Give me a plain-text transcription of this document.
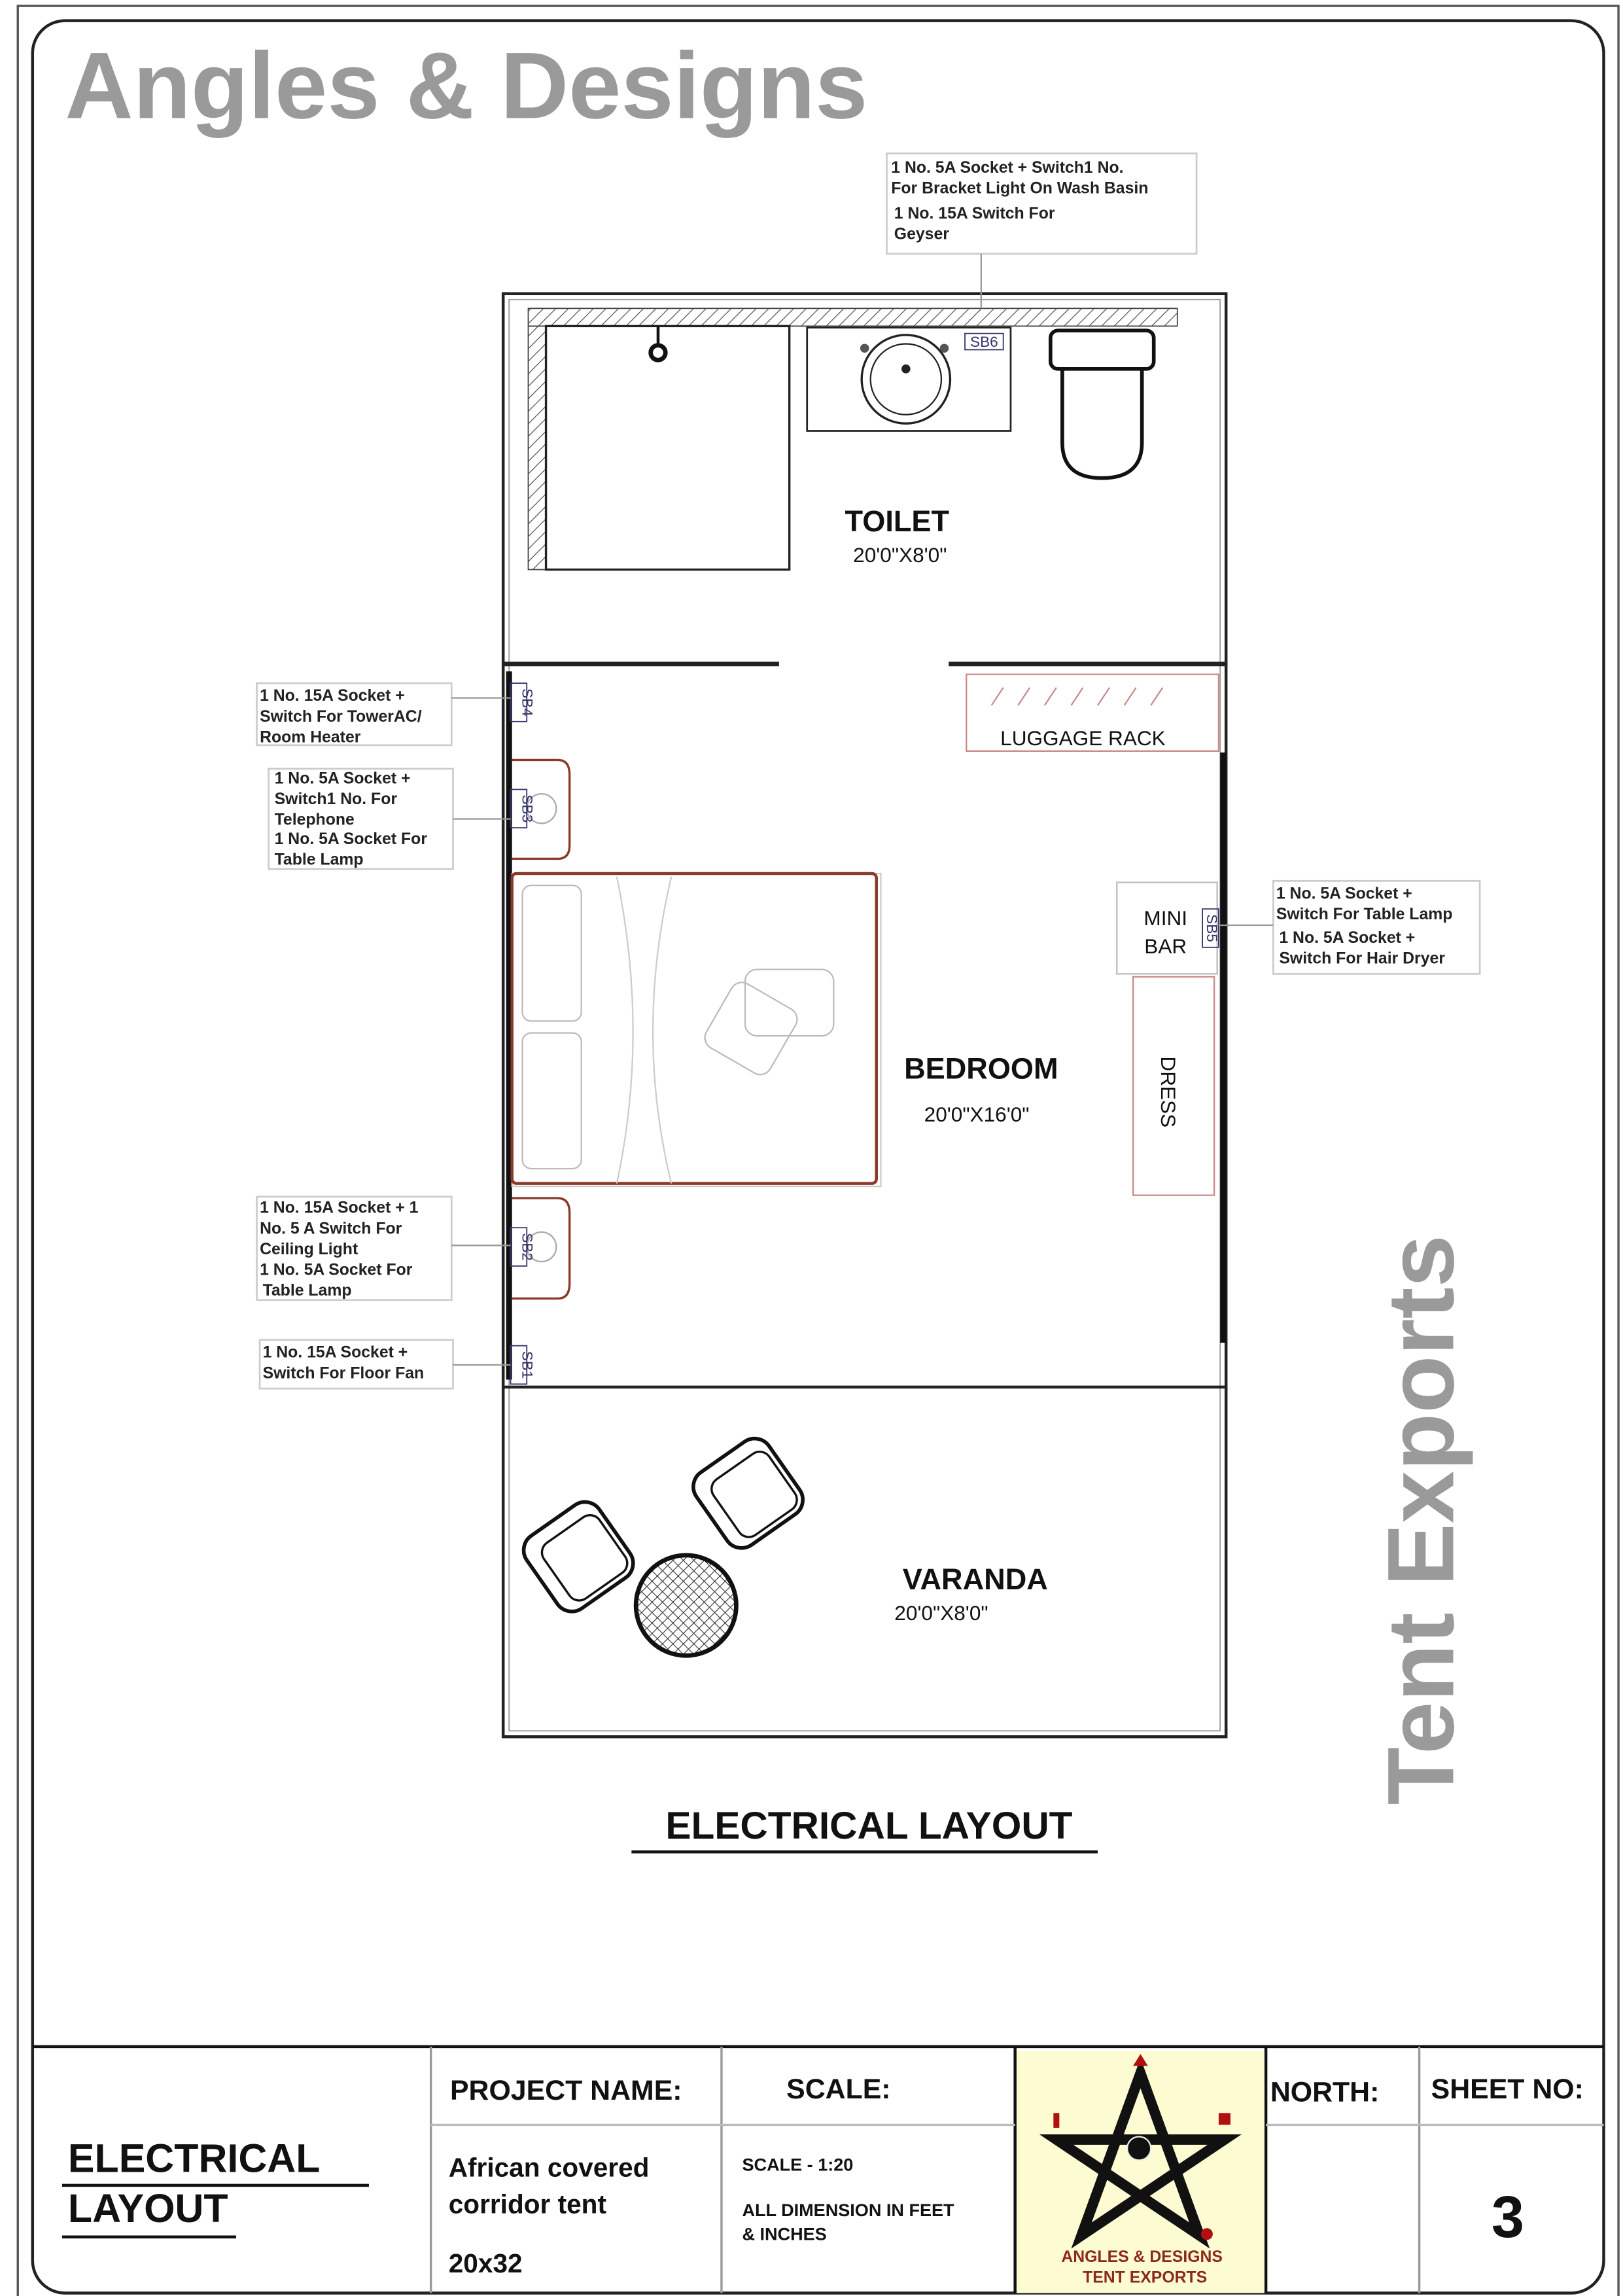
Angles & Designs
Tent Exports
SB6
TOILET
20'0"X8'0"
LUGGAGE RACK
SB4
SB3
SB2
SB1
MINI
BAR
SB5
DRESS
BEDROOM
20'0"X16'0"
VARANDA
20'0"X8'0"
1 No. 5A Socket + Switch1 No.
For Bracket Light On Wash Basin
1 No. 15A Switch For
Geyser
1 No. 15A Socket +
Switch For TowerAC/
Room Heater
1 No. 5A Socket +
Switch1 No. For
Telephone
1 No. 5A Socket For
Table Lamp
1 No. 5A Socket +
Switch For Table Lamp
1 No. 5A Socket +
Switch For Hair Dryer
1 No. 15A Socket + 1
No. 5 A Switch For
Ceiling Light
1 No. 5A Socket For
Table Lamp
1 No. 15A Socket +
Switch For Floor Fan
ELECTRICAL LAYOUT
ELECTRICAL
LAYOUT
PROJECT NAME:
African covered
corridor tent
20x32
SCALE:
SCALE - 1:20
ALL DIMENSION IN FEET
& INCHES
ANGLES & DESIGNS
TENT EXPORTS
NORTH:	SHEET NO:
3
